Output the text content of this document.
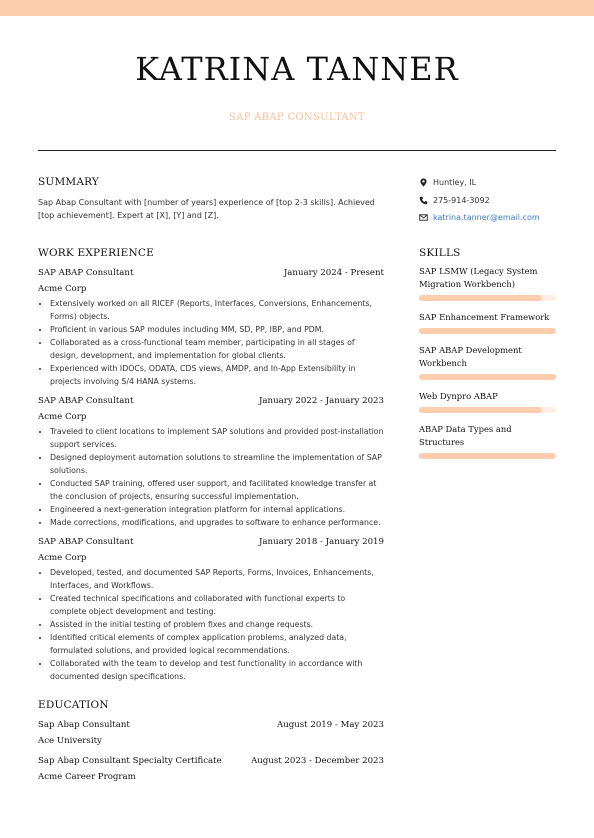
KATRINA TANNER
SAP ABAP CONSULTANT
SUMMARY

Sap Abap Consultant with [number of years] experience of [top 2-3 skills]. Achieved [top achievement]. Expert at [X], [Y] and [Z].

WORK EXPERIENCE
SAP ABAP Consultant	January 2024 - Present
Acme Corp
• Extensively worked on all RICEF (Reports, Interfaces, Conversions, Enhancements, Forms) objects.
• Proficient in various SAP modules including MM, SD, PP, IBP, and PDM.
• Collaborated as a cross-functional team member, participating in all stages of design, development, and implementation for global clients.
• Experienced with IDOCs, ODATA, CDS views, AMDP, and In-App Extensibility in projects involving S/4 HANA systems.
SAP ABAP Consultant	January 2022 - January 2023
Acme Corp
• Traveled to client locations to implement SAP solutions and provided post-installation support services.
• Designed deployment automation solutions to streamline the implementation of SAP solutions.
• Conducted SAP training, offered user support, and facilitated knowledge transfer at the conclusion of projects, ensuring successful implementation.
• Engineered a next-generation integration platform for internal applications.
• Made corrections, modifications, and upgrades to software to enhance performance.
SAP ABAP Consultant	January 2018 - January 2019
Acme Corp
• Developed, tested, and documented SAP Reports, Forms, Invoices, Enhancements, Interfaces, and Workflows.
• Created technical specifications and collaborated with functional experts to complete object development and testing.
• Assisted in the initial testing of problem fixes and change requests.
• Identified critical elements of complex application problems, analyzed data, formulated solutions, and provided logical recommendations.
• Collaborated with the team to develop and test functionality in accordance with documented design specifications.
EDUCATION
Sap Abap Consultant	August 2019 - May 2023
Ace University
Sap Abap Consultant Specialty Certificate	August 2023 - December 2023
Acme Career Program
Huntley, IL
275-914-3092
katrina.tanner@email.com
SKILLS
SAP LSMW (Legacy System Migration Workbench)
SAP Enhancement Framework
SAP ABAP Development Workbench
Web Dynpro ABAP
ABAP Data Types and Structures
